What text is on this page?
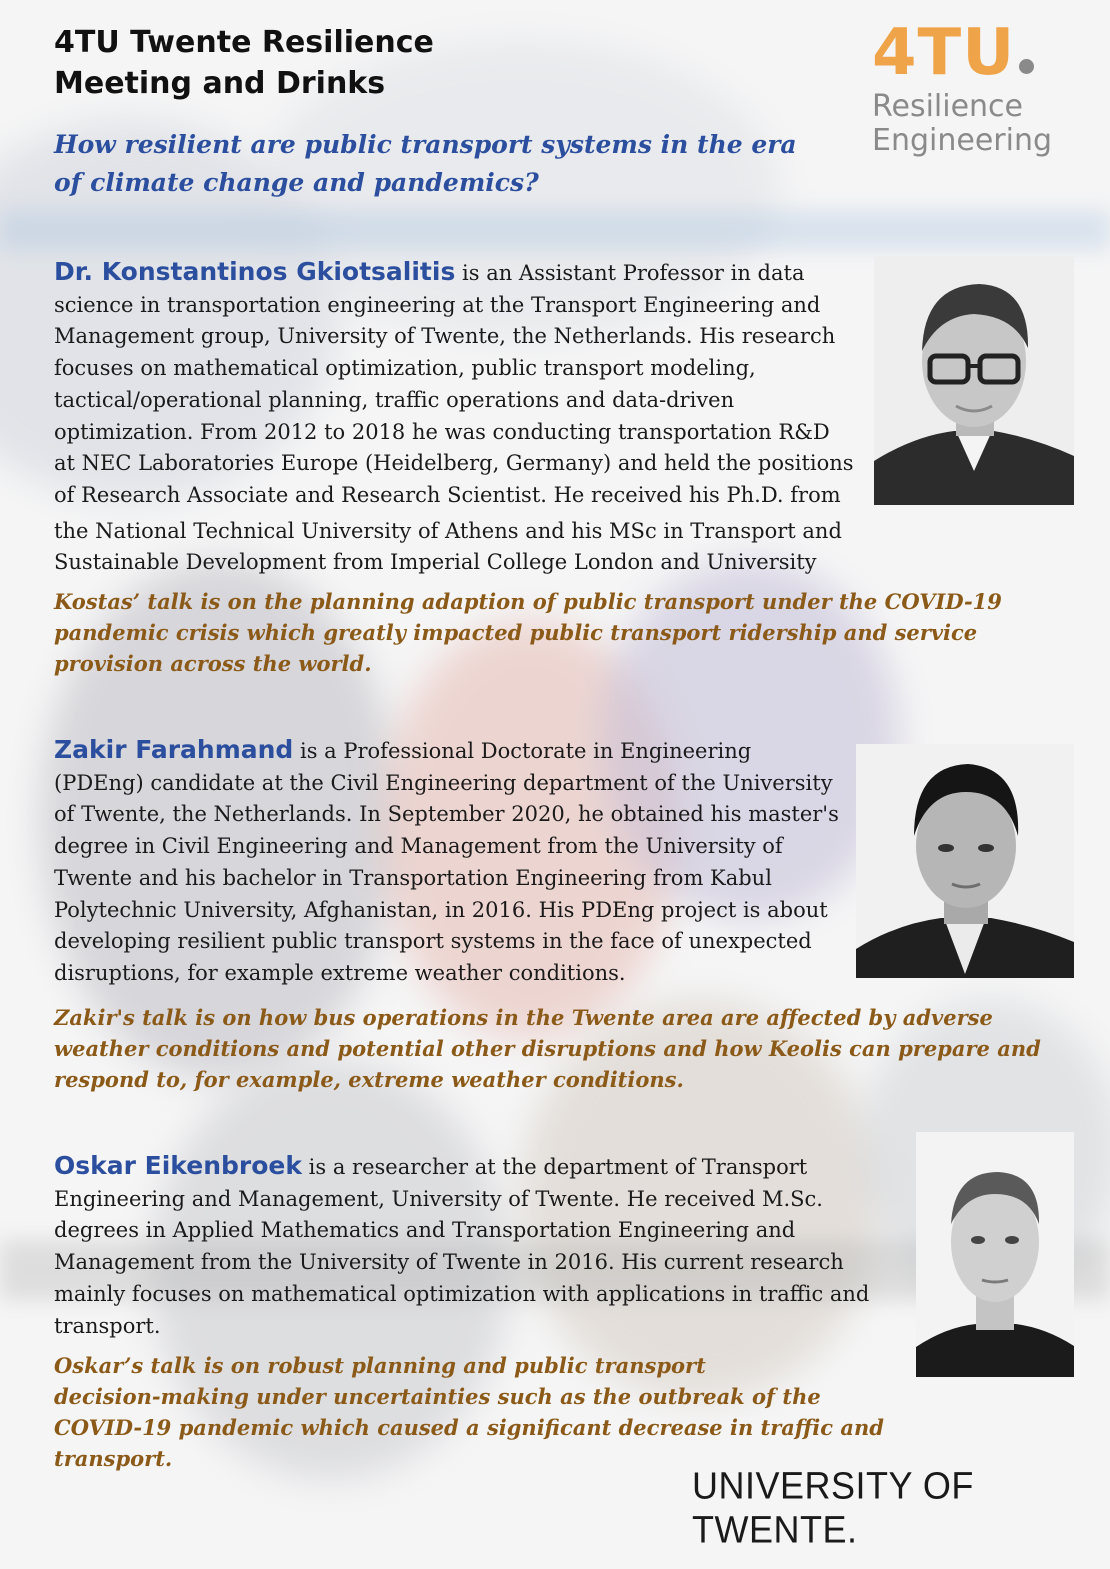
4TU Twente Resilience
Meeting and Drinks
How resilient are public transport systems in the era
of climate change and pandemics?
4TU
Resilience
Engineering
Dr. Konstantinos Gkiotsalitis is an Assistant Professor in data
science in transportation engineering at the Transport Engineering and
Management group, University of Twente, the Netherlands. His research
focuses on mathematical optimization, public transport modeling,
tactical/operational planning, traffic operations and data-driven
optimization. From 2012 to 2018 he was conducting transportation R&D
at NEC Laboratories Europe (Heidelberg, Germany) and held the positions
of Research Associate and Research Scientist. He received his Ph.D. from
the National Technical University of Athens and his MSc in Transport and
Sustainable Development from Imperial College London and University
Kostas’ talk is on the planning adaption of public transport under the COVID-19
pandemic crisis which greatly impacted public transport ridership and service
provision across the world.
Zakir Farahmand is a Professional Doctorate in Engineering
(PDEng) candidate at the Civil Engineering department of the University
of Twente, the Netherlands. In September 2020, he obtained his master's
degree in Civil Engineering and Management from the University of
Twente and his bachelor in Transportation Engineering from Kabul
Polytechnic University, Afghanistan, in 2016. His PDEng project is about
developing resilient public transport systems in the face of unexpected
disruptions, for example extreme weather conditions.
Zakir's talk is on how bus operations in the Twente area are affected by adverse
weather conditions and potential other disruptions and how Keolis can prepare and
respond to, for example, extreme weather conditions.
Oskar Eikenbroek is a researcher at the department of Transport
Engineering and Management, University of Twente. He received M.Sc.
degrees in Applied Mathematics and Transportation Engineering and
Management from the University of Twente in 2016. His current research
mainly focuses on mathematical optimization with applications in traffic and
transport.
Oskar’s talk is on robust planning and public transport
decision-making under uncertainties such as the outbreak of the
COVID-19 pandemic which caused a significant decrease in traffic and
transport.
UNIVERSITY OF TWENTE.
